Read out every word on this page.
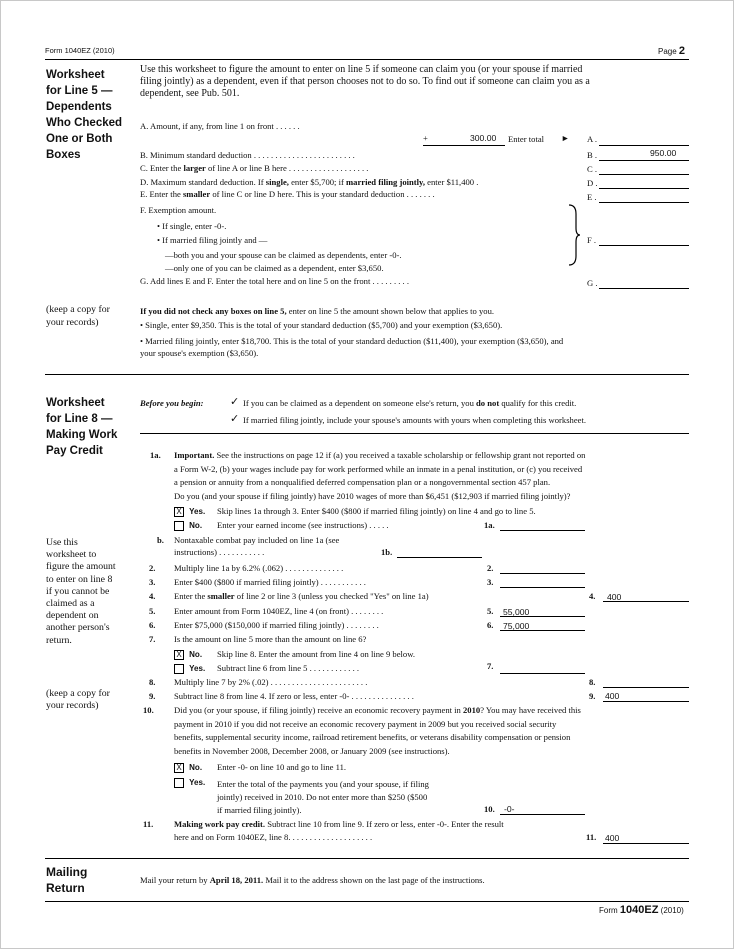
Form 1040EZ (2010)	Page 2
Worksheet
for Line 5 —
Dependents
Who Checked
One or Both
Boxes
Use this worksheet to figure the amount to enter on line 5 if someone can claim you (or your spouse if married
filing jointly) as a dependent, even if that person chooses not to do so. To find out if someone can claim you as a
dependent, see Pub. 501.
A. Amount, if any, from line 1 on front . . . . . .
+	300.00 Enter total ► A .
B. Minimum standard deduction . . . . . . . . . . . . . . . . . . . . . . . .	B .	950.00
C. Enter the larger of line A or line B here . . . . . . . . . . . . . . . . . . .	C .
D. Maximum standard deduction. If single, enter $5,700; if married filing jointly, enter $11,400 .	D .
E. Enter the smaller of line C or line D here. This is your standard deduction . . . . . . .	E .
F. Exemption amount.
• If single, enter -0-.
• If married filing jointly and —
—both you and your spouse can be claimed as dependents, enter -0-.
—only one of you can be claimed as a dependent, enter $3,650.
F .
G. Add lines E and F. Enter the total here and on line 5 on the front . . . . . . . . .	G .
(keep a copy for
your records)
If you did not check any boxes on line 5, enter on line 5 the amount shown below that applies to you.
• Single, enter $9,350. This is the total of your standard deduction ($5,700) and your exemption ($3,650).
• Married filing jointly, enter $18,700. This is the total of your standard deduction ($11,400), your exemption ($3,650), and
your spouse's exemption ($3,650).
Worksheet
for Line 8 —
Making Work
Pay Credit
Before you begin: ✓ If you can be claimed as a dependent on someone else's return, you do not qualify for this credit.
✓ If married filing jointly, include your spouse's amounts with yours when completing this worksheet.
Use this
worksheet to
figure the amount
to enter on line 8
if you cannot be
claimed as a
dependent on
another person's
return.
(keep a copy for
your records)
1a. Important. See the instructions on page 12 if (a) you received a taxable scholarship or fellowship grant not reported on
a Form W-2, (b) your wages include pay for work performed while an inmate in a penal institution, or (c) you received
a pension or annuity from a nonqualified deferred compensation plan or a nongovernmental section 457 plan.
Do you (and your spouse if filing jointly) have 2010 wages of more than $6,451 ($12,903 if married filing jointly)?
X Yes. Skip lines 1a through 3. Enter $400 ($800 if married filing jointly) on line 4 and go to line 5.
No. Enter your earned income (see instructions) . . . . .	1a.
b. Nontaxable combat pay included on line 1a (see
instructions) . . . . . . . . . . .	1b.
2. Multiply line 1a by 6.2% (.062) . . . . . . . . . . . . . .	2.
3. Enter $400 ($800 if married filing jointly) . . . . . . . . . . .	3.
4. Enter the smaller of line 2 or line 3 (unless you checked "Yes" on line 1a)	4. 400
5. Enter amount from Form 1040EZ, line 4 (on front) . . . . . . . .	5. 55,000
6. Enter $75,000 ($150,000 if married filing jointly) . . . . . . . .	6. 75,000
7. Is the amount on line 5 more than the amount on line 6?
X No. Skip line 8. Enter the amount from line 4 on line 9 below.
Yes. Subtract line 6 from line 5 . . . . . . . . . . . .	7.
8. Multiply line 7 by 2% (.02) . . . . . . . . . . . . . . . . . . . . . . .	8.
9. Subtract line 8 from line 4. If zero or less, enter -0- . . . . . . . . . . . . . . .	9. 400
10. Did you (or your spouse, if filing jointly) receive an economic recovery payment in 2010? You may have received this
payment in 2010 if you did not receive an economic recovery payment in 2009 but you received social security
benefits, supplemental security income, railroad retirement benefits, or veterans disability compensation or pension
benefits in November 2008, December 2008, or January 2009 (see instructions).
X No. Enter -0- on line 10 and go to line 11.
Yes. Enter the total of the payments you (and your spouse, if filing
jointly) received in 2010. Do not enter more than $250 ($500
if married filing jointly).	10. -0-
11. Making work pay credit. Subtract line 10 from line 9. If zero or less, enter -0-. Enter the result
here and on Form 1040EZ, line 8. . . . . . . . . . . . . . . . . . . .	11. 400
Mailing
Return
Mail your return by April 18, 2011. Mail it to the address shown on the last page of the instructions.
Form 1040EZ (2010)
